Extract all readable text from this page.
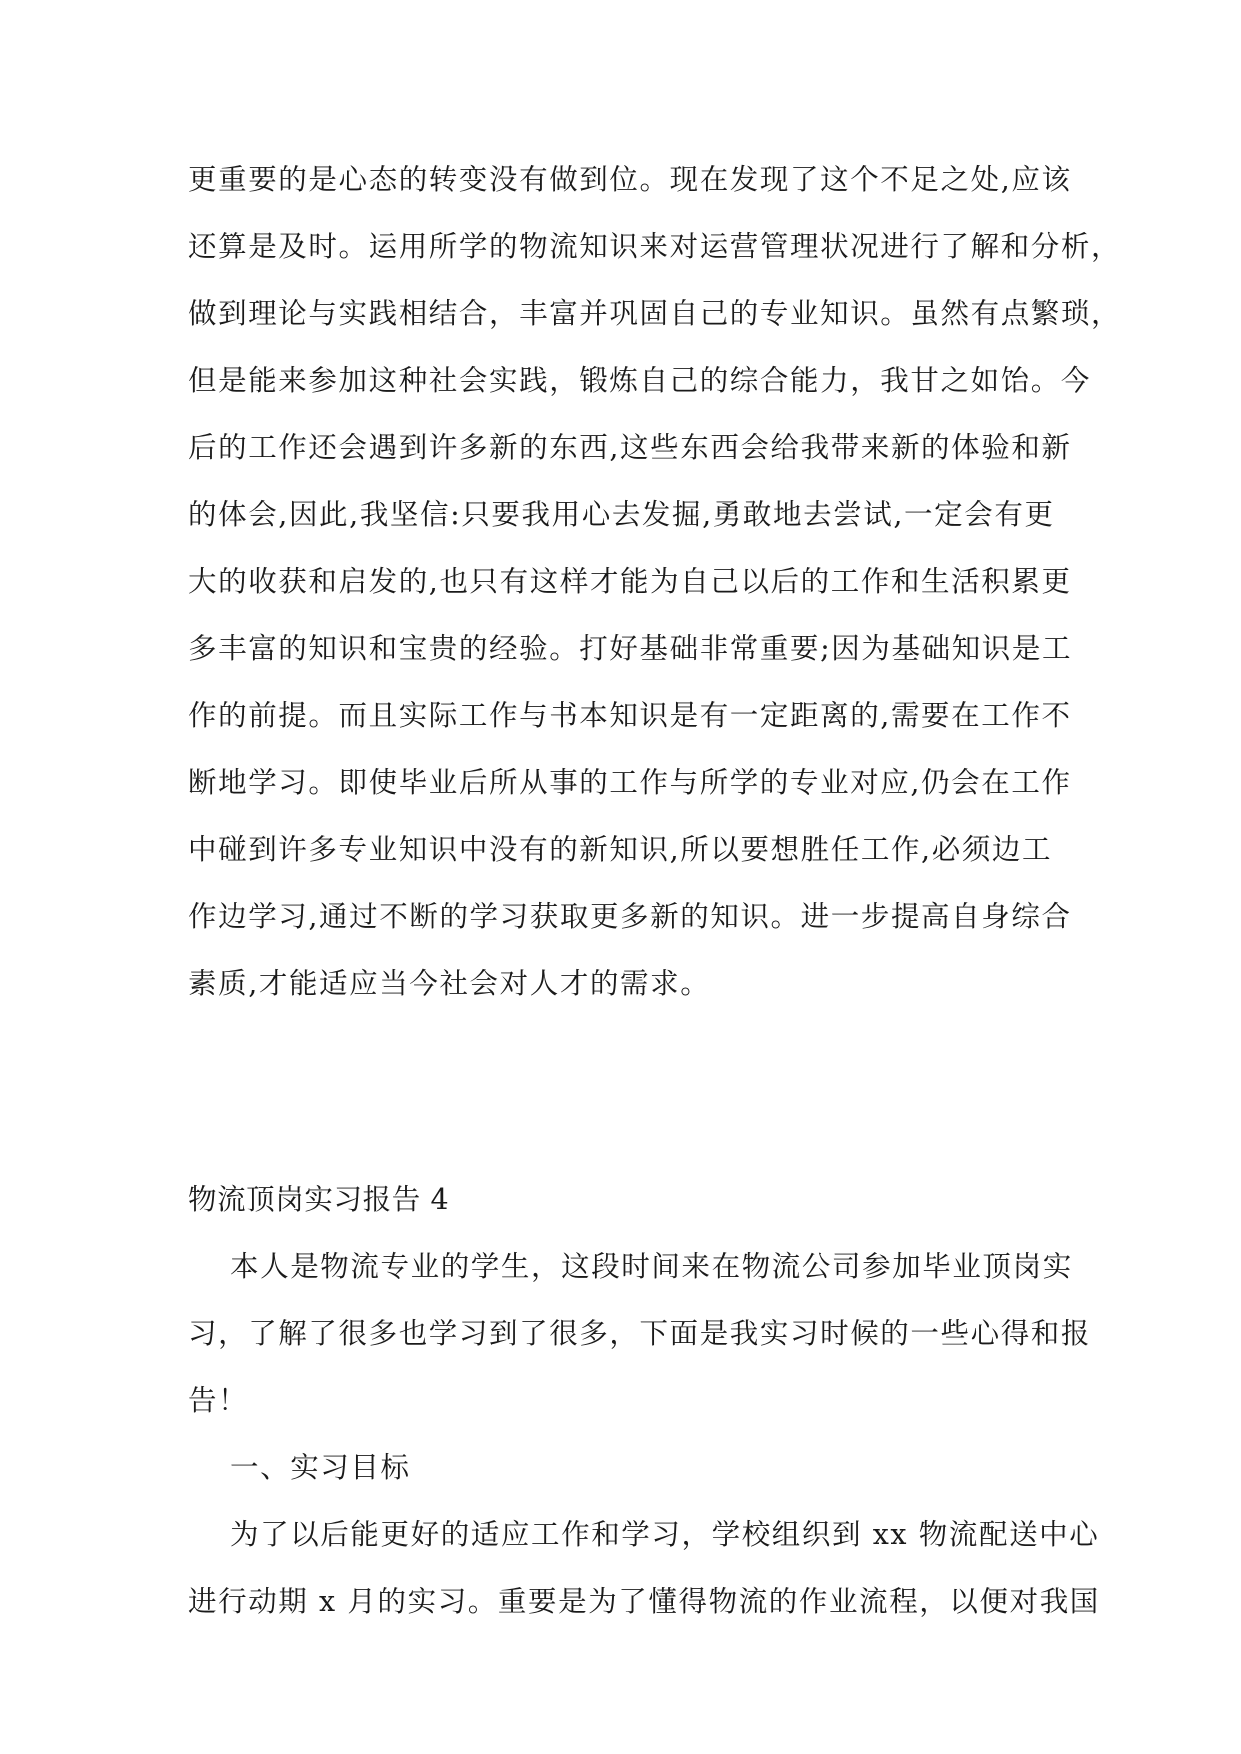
更重要的是心态的转变没有做到位。现在发现了这个不足之处,应该
还算是及时。运用所学的物流知识来对运营管理状况进行了解和分析，
做到理论与实践相结合，丰富并巩固自己的专业知识。虽然有点繁琐，
但是能来参加这种社会实践，锻炼自己的综合能力，我甘之如饴。今
后的工作还会遇到许多新的东西,这些东西会给我带来新的体验和新
的体会,因此,我坚信:只要我用心去发掘,勇敢地去尝试,一定会有更
大的收获和启发的,也只有这样才能为自己以后的工作和生活积累更
多丰富的知识和宝贵的经验。打好基础非常重要;因为基础知识是工
作的前提。而且实际工作与书本知识是有一定距离的,需要在工作不
断地学习。即使毕业后所从事的工作与所学的专业对应,仍会在工作
中碰到许多专业知识中没有的新知识,所以要想胜任工作,必须边工
作边学习,通过不断的学习获取更多新的知识。进一步提高自身综合
素质,才能适应当今社会对人才的需求。
物流顶岗实习报告 4
本人是物流专业的学生，这段时间来在物流公司参加毕业顶岗实
习，了解了很多也学习到了很多，下面是我实习时候的一些心得和报
告！
一、实习目标
为了以后能更好的适应工作和学习，学校组织到 xx 物流配送中心
进行动期 x 月的实习。重要是为了懂得物流的作业流程，以便对我国
